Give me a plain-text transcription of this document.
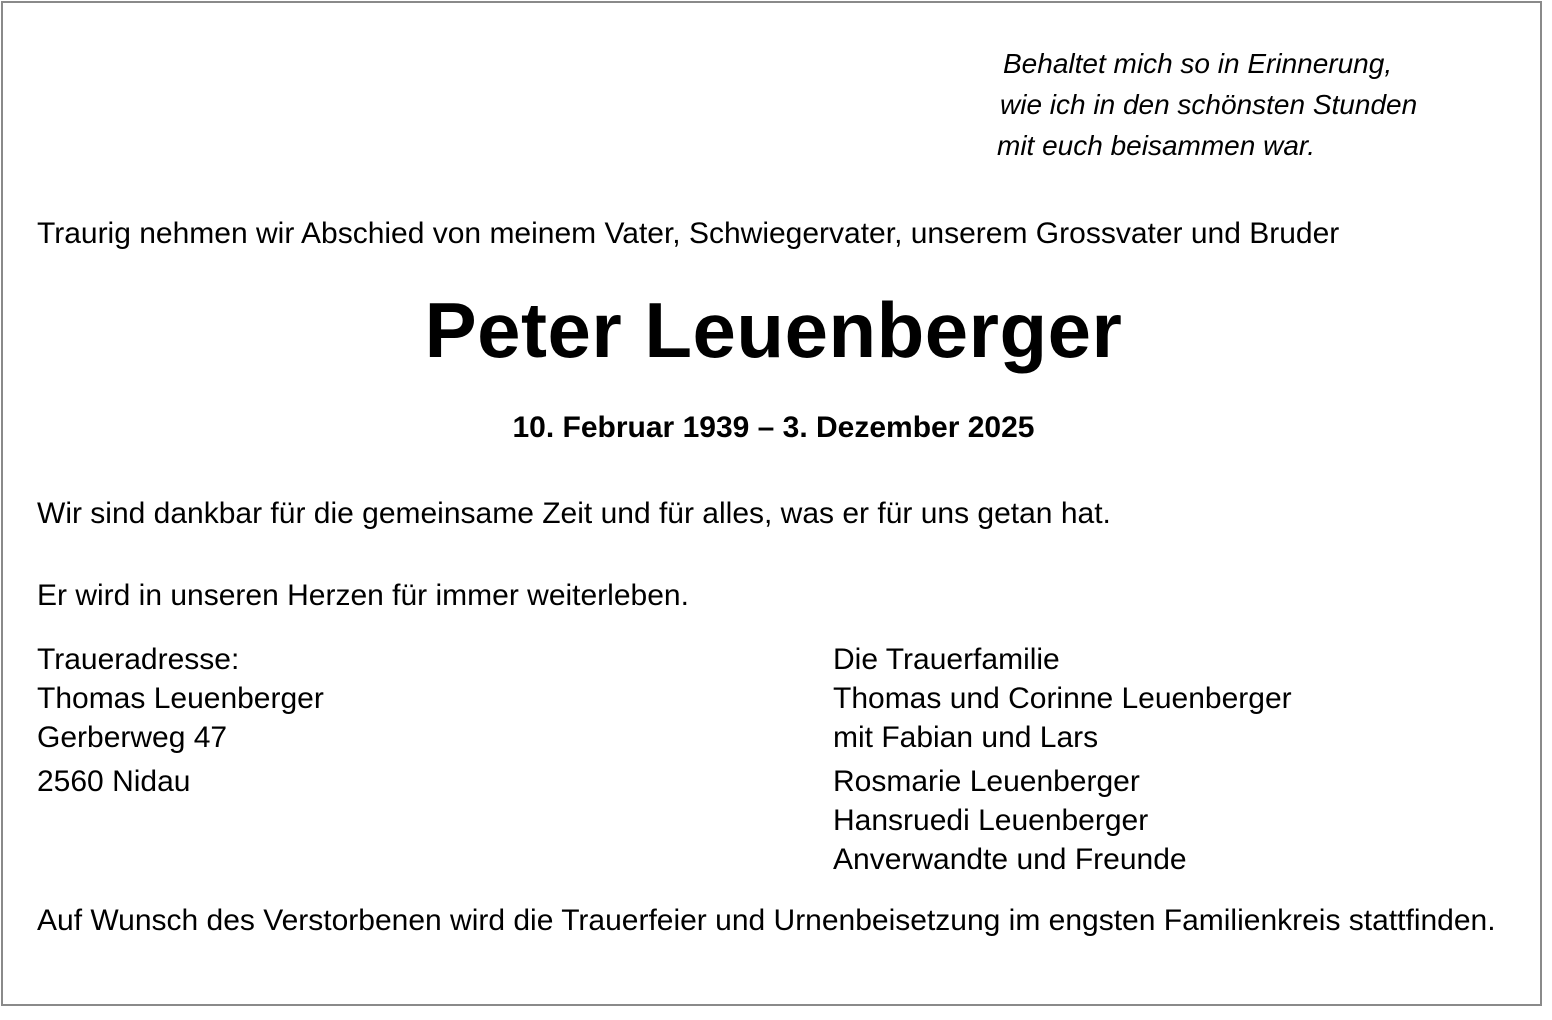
Behaltet mich so in Erinnerung,
wie ich in den schönsten Stunden
mit euch beisammen war.

Traurig nehmen wir Abschied von meinem Vater, Schwiegervater, unserem Grossvater und Bruder

Peter Leuenberger

10. Februar 1939 – 3. Dezember 2025

Wir sind dankbar für die gemeinsame Zeit und für alles, was er für uns getan hat.

Er wird in unseren Herzen für immer weiterleben.

Traueradresse:
Thomas Leuenberger
Gerberweg 47
2560 Nidau
Die Trauerfamilie
Thomas und Corinne Leuenberger
mit Fabian und Lars
Rosmarie Leuenberger
Hansruedi Leuenberger
Anverwandte und Freunde

Auf Wunsch des Verstorbenen wird die Trauerfeier und Urnenbeisetzung im engsten Familienkreis stattfinden.
